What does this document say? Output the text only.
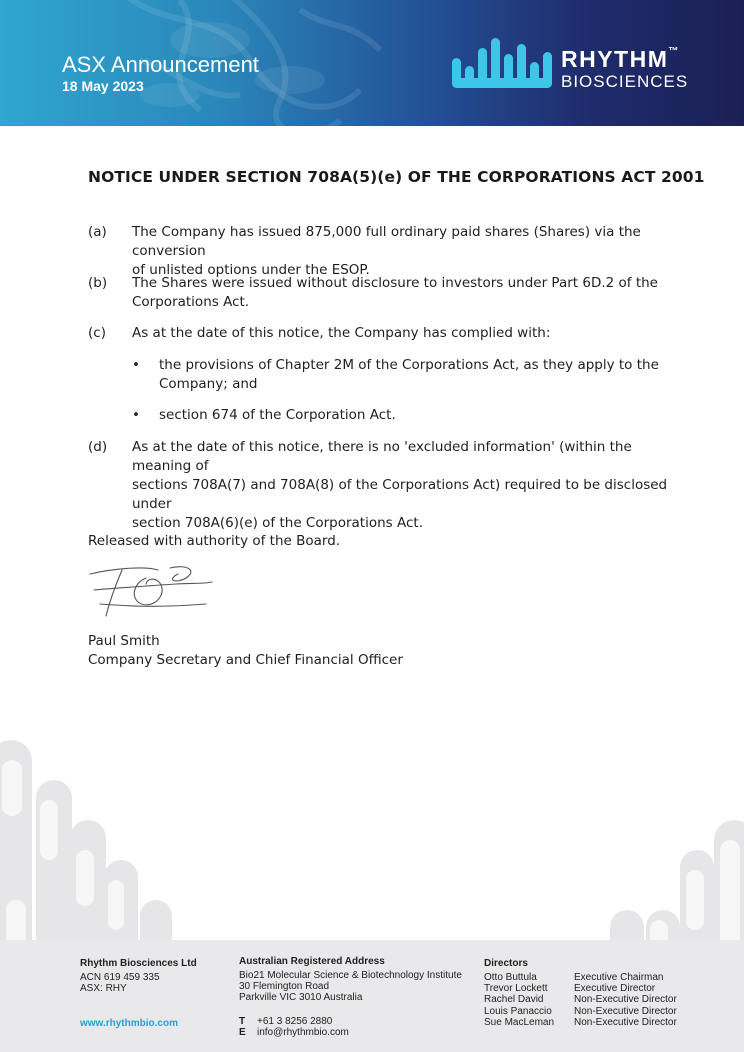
ASX Announcement
18 May 2023
RHYTHM™
BIOSCIENCES
NOTICE UNDER SECTION 708A(5)(e) OF THE CORPORATIONS ACT 2001
(a) The Company has issued 875,000 full ordinary paid shares (Shares) via the conversion
of unlisted options under the ESOP.
(b) The Shares were issued without disclosure to investors under Part 6D.2 of the
Corporations Act.
(c) As at the date of this notice, the Company has complied with:
• the provisions of Chapter 2M of the Corporations Act, as they apply to the
Company; and
• section 674 of the Corporation Act.
(d) As at the date of this notice, there is no 'excluded information' (within the meaning of
sections 708A(7) and 708A(8) of the Corporations Act) required to be disclosed under
section 708A(6)(e) of the Corporations Act.
Released with authority of the Board.
Paul Smith
Company Secretary and Chief Financial Officer
Rhythm Biosciences Ltd
ACN 619 459 335
ASX: RHY
www.rhythmbio.com
Australian Registered Address
Bio21 Molecular Science & Biotechnology Institute
30 Flemington Road
Parkville VIC 3010 Australia
T +61 3 8256 2880
E info@rhythmbio.com
Directors
Otto Buttula	Executive Chairman
Trevor Lockett	Executive Director
Rachel David	Non-Executive Director
Louis Panaccio Non-Executive Director
Sue MacLeman Non-Executive Director
